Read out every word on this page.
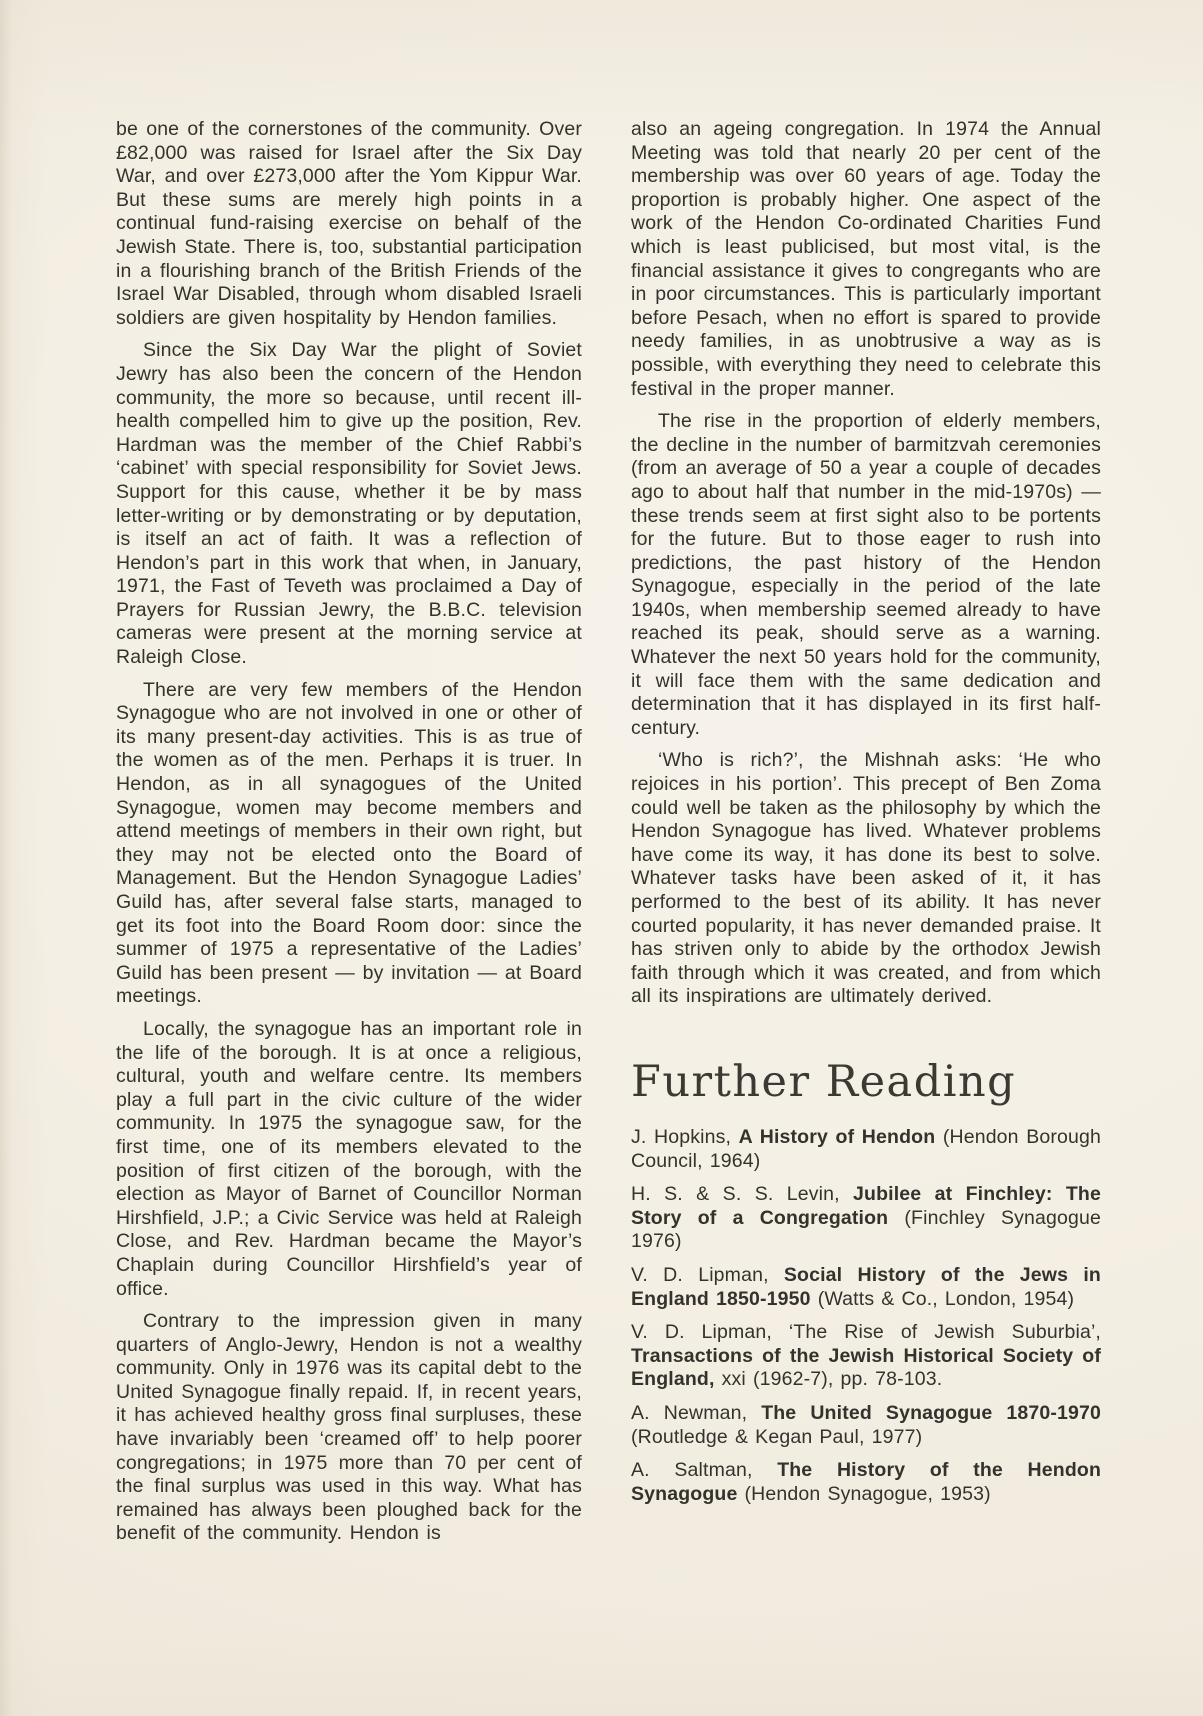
be one of the cornerstones of the community. Over £82,000 was raised for Israel after the Six Day War, and over £273,000 after the Yom Kippur War. But these sums are merely high points in a continual fund-raising exercise on behalf of the Jewish State. There is, too, substantial participation in a flourishing branch of the British Friends of the Israel War Disabled, through whom disabled Israeli soldiers are given hospitality by Hendon families.

Since the Six Day War the plight of Soviet Jewry has also been the concern of the Hendon community, the more so because, until recent ill-health compelled him to give up the position, Rev. Hardman was the member of the Chief Rabbi’s ‘cabinet’ with special responsibility for Soviet Jews. Support for this cause, whether it be by mass letter-writing or by demonstrating or by deputation, is itself an act of faith. It was a reflection of Hendon’s part in this work that when, in January, 1971, the Fast of Teveth was proclaimed a Day of Prayers for Russian Jewry, the B.B.C. television cameras were present at the morning service at Raleigh Close.

There are very few members of the Hendon Synagogue who are not involved in one or other of its many present-day activities. This is as true of the women as of the men. Perhaps it is truer. In Hendon, as in all synagogues of the United Synagogue, women may become members and attend meetings of members in their own right, but they may not be elected onto the Board of Management. But the Hendon Synagogue Ladies’ Guild has, after several false starts, managed to get its foot into the Board Room door: since the summer of 1975 a representative of the Ladies’ Guild has been present — by invitation — at Board meetings.

Locally, the synagogue has an important role in the life of the borough. It is at once a religious, cultural, youth and welfare centre. Its members play a full part in the civic culture of the wider community. In 1975 the synagogue saw, for the first time, one of its members elevated to the position of first citizen of the borough, with the election as Mayor of Barnet of Councillor Norman Hirshfield, J.P.; a Civic Service was held at Raleigh Close, and Rev. Hardman became the Mayor’s Chaplain during Councillor Hirshfield’s year of office.

Contrary to the impression given in many quarters of Anglo-Jewry, Hendon is not a wealthy community. Only in 1976 was its capital debt to the United Synagogue finally repaid. If, in recent years, it has achieved healthy gross final surpluses, these have invariably been ‘creamed off’ to help poorer congregations; in 1975 more than 70 per cent of the final surplus was used in this way. What has remained has always been ploughed back for the benefit of the community. Hendon is

also an ageing congregation. In 1974 the Annual Meeting was told that nearly 20 per cent of the membership was over 60 years of age. Today the proportion is probably higher. One aspect of the work of the Hendon Co-ordinated Charities Fund which is least publicised, but most vital, is the financial assistance it gives to congregants who are in poor circumstances. This is particularly important before Pesach, when no effort is spared to provide needy families, in as unobtrusive a way as is possible, with everything they need to celebrate this festival in the proper manner.

The rise in the proportion of elderly members, the decline in the number of barmitzvah ceremonies (from an average of 50 a year a couple of decades ago to about half that number in the mid-1970s) — these trends seem at first sight also to be portents for the future. But to those eager to rush into predictions, the past history of the Hendon Synagogue, especially in the period of the late 1940s, when membership seemed already to have reached its peak, should serve as a warning. Whatever the next 50 years hold for the community, it will face them with the same dedication and determination that it has displayed in its first half-century.

‘Who is rich?’, the Mishnah asks: ‘He who rejoices in his portion’. This precept of Ben Zoma could well be taken as the philosophy by which the Hendon Synagogue has lived. Whatever problems have come its way, it has done its best to solve. Whatever tasks have been asked of it, it has performed to the best of its ability. It has never courted popularity, it has never demanded praise. It has striven only to abide by the orthodox Jewish faith through which it was created, and from which all its inspirations are ultimately derived.

Further Reading

J. Hopkins, A History of Hendon (Hendon Borough Council, 1964)

H. S. & S. S. Levin, Jubilee at Finchley: The Story of a Congregation (Finchley Synagogue 1976)

V. D. Lipman, Social History of the Jews in England 1850-1950 (Watts & Co., London, 1954)

V. D. Lipman, ‘The Rise of Jewish Suburbia’, Transactions of the Jewish Historical Society of England, xxi (1962-7), pp. 78-103.

A. Newman, The United Synagogue 1870-1970 (Routledge & Kegan Paul, 1977)

A. Saltman, The History of the Hendon Synagogue (Hendon Synagogue, 1953)
